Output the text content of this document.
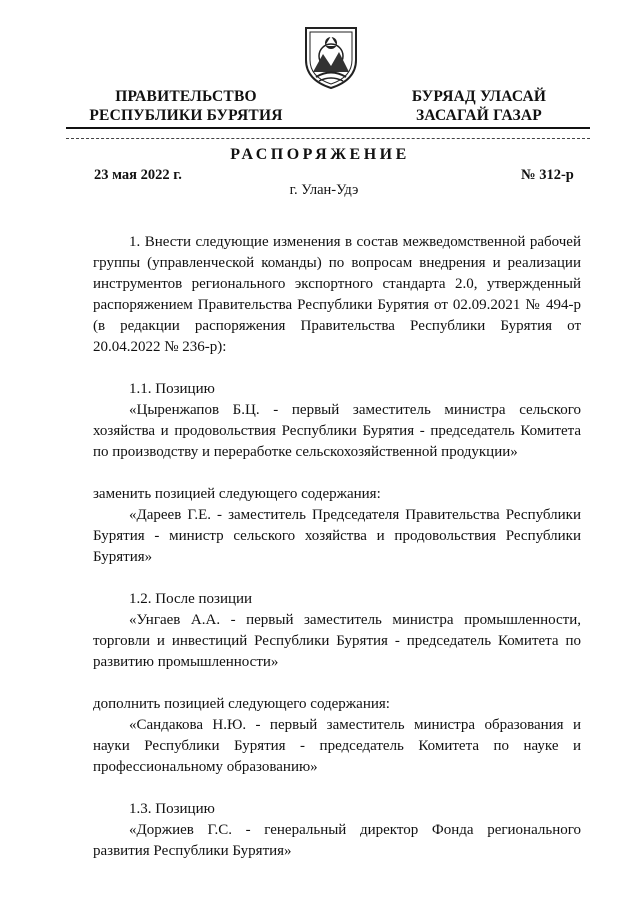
ПРАВИТЕЛЬСТВО
РЕСПУБЛИКИ БУРЯТИЯ
БУРЯАД УЛАСАЙ
ЗАСАГАЙ ГАЗАР
РАСПОРЯЖЕНИЕ
23 мая 2022 г.	№ 312-р
г. Улан-Удэ

1. Внести следующие изменения в состав межведомственной рабочей группы (управленческой команды) по вопросам внедрения и реализации инструментов регионального экспортного стандарта 2.0, утвержденный распоряжением Правительства Республики Бурятия от 02.09.2021 № 494-р (в редакции распоряжения Правительства Республики Бурятия от 20.04.2022 № 236-р):

1.1. Позицию

«Цыренжапов Б.Ц. - первый заместитель министра сельского хозяйства и продовольствия Республики Бурятия - председатель Комитета по производству и переработке сельскохозяйственной продукции»

заменить позицией следующего содержания:

«Дареев Г.Е. - заместитель Председателя Правительства Республики Бурятия - министр сельского хозяйства и продовольствия Республики Бурятия»

1.2. После позиции

«Унгаев А.А. - первый заместитель министра промышленности, торговли и инвестиций Республики Бурятия - председатель Комитета по развитию промышленности»

дополнить позицией следующего содержания:

«Сандакова Н.Ю. - первый заместитель министра образования и науки Республики Бурятия - председатель Комитета по науке и профессиональному образованию»

1.3. Позицию

«Доржиев Г.С. - генеральный директор Фонда регионального развития Республики Бурятия»
